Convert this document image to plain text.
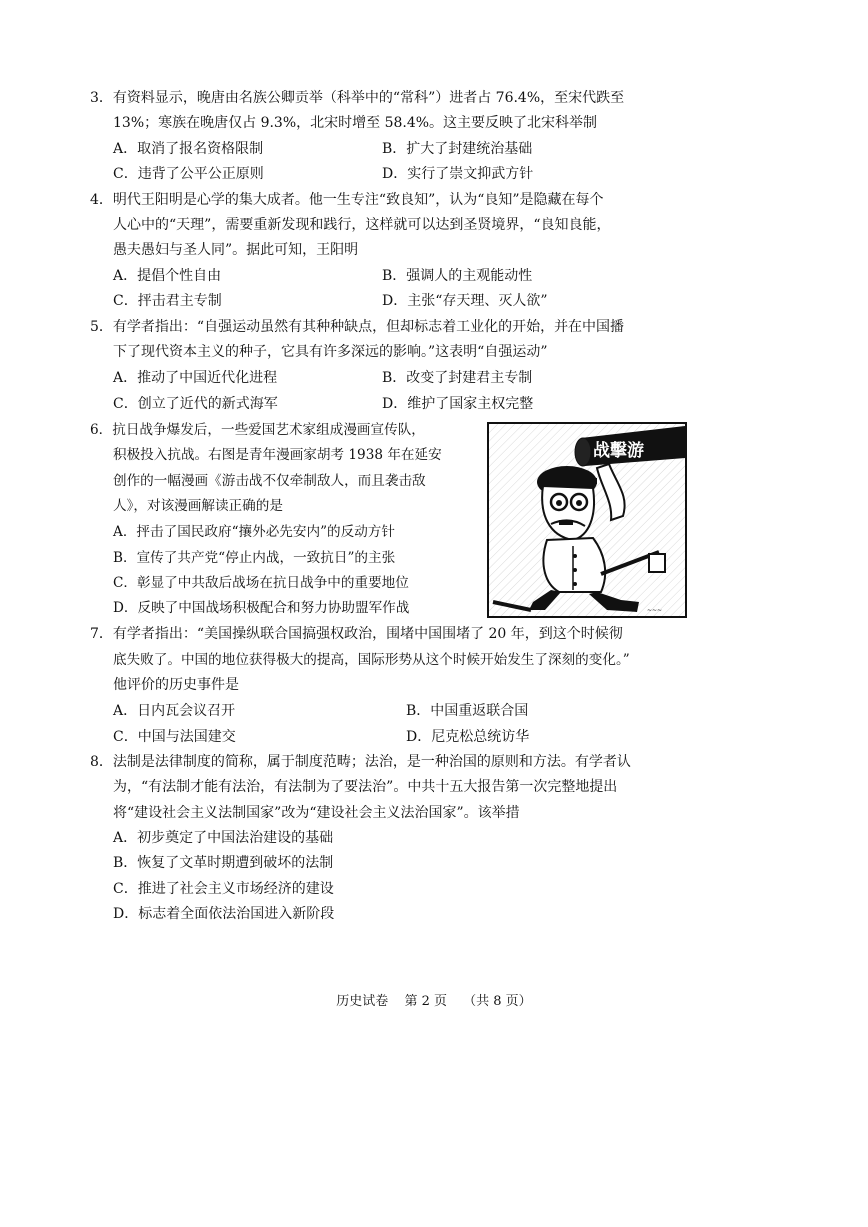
3．有资料显示，晚唐由名族公卿贡举（科举中的“常科”）进者占 76.4%，至宋代跌至
13%；寒族在晚唐仅占 9.3%，北宋时增至 58.4%。这主要反映了北宋科举制
A．取消了报名资格限制	B．扩大了封建统治基础
C．违背了公平公正原则	D．实行了崇文抑武方针
4．明代王阳明是心学的集大成者。他一生专注“致良知”，认为“良知”是隐藏在每个
人心中的“天理”，需要重新发现和践行，这样就可以达到圣贤境界，“良知良能，
愚夫愚妇与圣人同”。据此可知，王阳明
A．提倡个性自由	B．强调人的主观能动性
C．抨击君主专制	D．主张“存天理、灭人欲”
5．有学者指出：“自强运动虽然有其种种缺点，但却标志着工业化的开始，并在中国播
下了现代资本主义的种子，它具有许多深远的影响。”这表明“自强运动”
A．推动了中国近代化进程	B．改变了封建君主专制
C．创立了近代的新式海军	D．维护了国家主权完整
6．抗日战争爆发后，一些爱国艺术家组成漫画宣传队，
积极投入抗战。右图是青年漫画家胡考 1938 年在延安
创作的一幅漫画《游击战不仅牵制敌人，而且袭击敌
人》，对该漫画解读正确的是
A．抨击了国民政府“攘外必先安内”的反动方针
B．宣传了共产党“停止内战，一致抗日”的主张
C．彰显了中共敌后战场在抗日战争中的重要地位
D．反映了中国战场积极配合和努力协助盟军作战
战擊游
~~~
7．有学者指出：“美国操纵联合国搞强权政治，围堵中国围堵了 20 年，到这个时候彻
底失败了。中国的地位获得极大的提高，国际形势从这个时候开始发生了深刻的变化。”
他评价的历史事件是
A．日内瓦会议召开	B．中国重返联合国
C．中国与法国建交	D．尼克松总统访华
8．法制是法律制度的简称，属于制度范畴；法治，是一种治国的原则和方法。有学者认
为，“有法制才能有法治，有法制为了要法治”。中共十五大报告第一次完整地提出
将“建设社会主义法制国家”改为“建设社会主义法治国家”。该举措
A．初步奠定了中国法治建设的基础
B．恢复了文革时期遭到破坏的法制
C．推进了社会主义市场经济的建设
D．标志着全面依法治国进入新阶段
历史试卷 第 2 页 （共 8 页）
